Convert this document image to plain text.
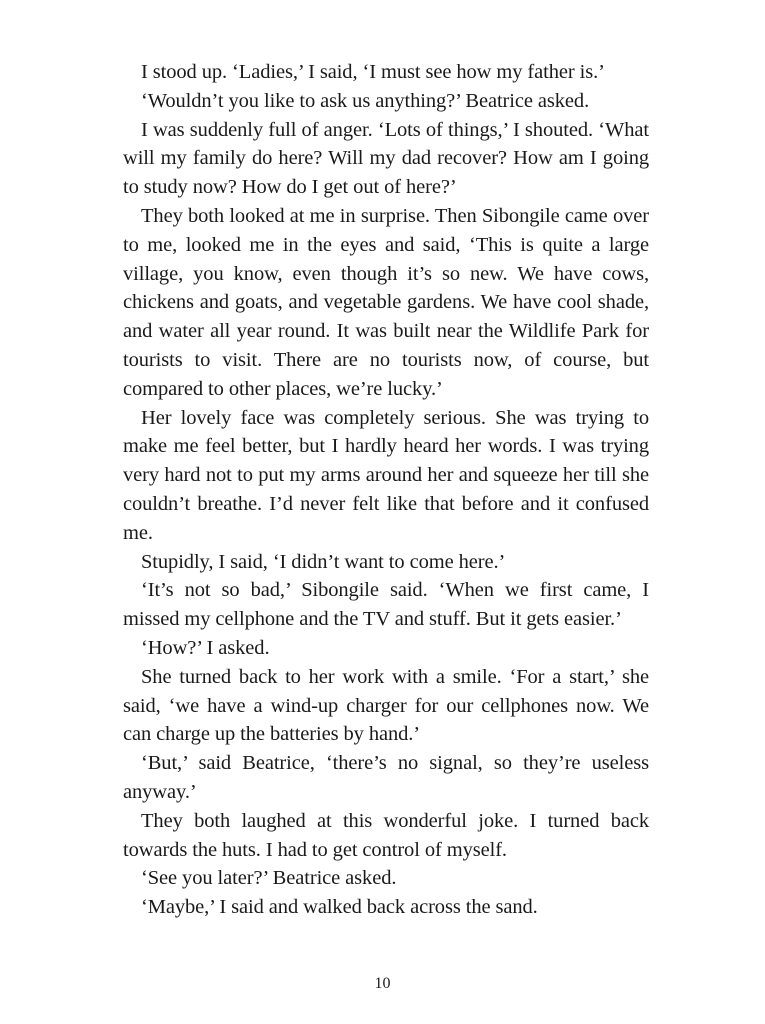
I stood up. ‘Ladies,’ I said, ‘I must see how my father is.’

‘Wouldn’t you like to ask us anything?’ Beatrice asked.

I was suddenly full of anger. ‘Lots of things,’ I shouted. ‘What will my family do here? Will my dad recover? How am I going to study now? How do I get out of here?’

They both looked at me in surprise. Then Sibongile came over to me, looked me in the eyes and said, ‘This is quite a large village, you know, even though it’s so new. We have cows, chickens and goats, and vegetable gardens. We have cool shade, and water all year round. It was built near the Wildlife Park for tourists to visit. There are no tourists now, of course, but compared to other places, we’re lucky.’

Her lovely face was completely serious. She was trying to make me feel better, but I hardly heard her words. I was trying very hard not to put my arms around her and squeeze her till she couldn’t breathe. I’d never felt like that before and it confused me.

Stupidly, I said, ‘I didn’t want to come here.’

‘It’s not so bad,’ Sibongile said. ‘When we first came, I missed my cellphone and the TV and stuff. But it gets easier.’

‘How?’ I asked.

She turned back to her work with a smile. ‘For a start,’ she said, ‘we have a wind-up charger for our cellphones now. We can charge up the batteries by hand.’

‘But,’ said Beatrice, ‘there’s no signal, so they’re useless anyway.’

They both laughed at this wonderful joke. I turned back towards the huts. I had to get control of myself.

‘See you later?’ Beatrice asked.

‘Maybe,’ I said and walked back across the sand.

10
